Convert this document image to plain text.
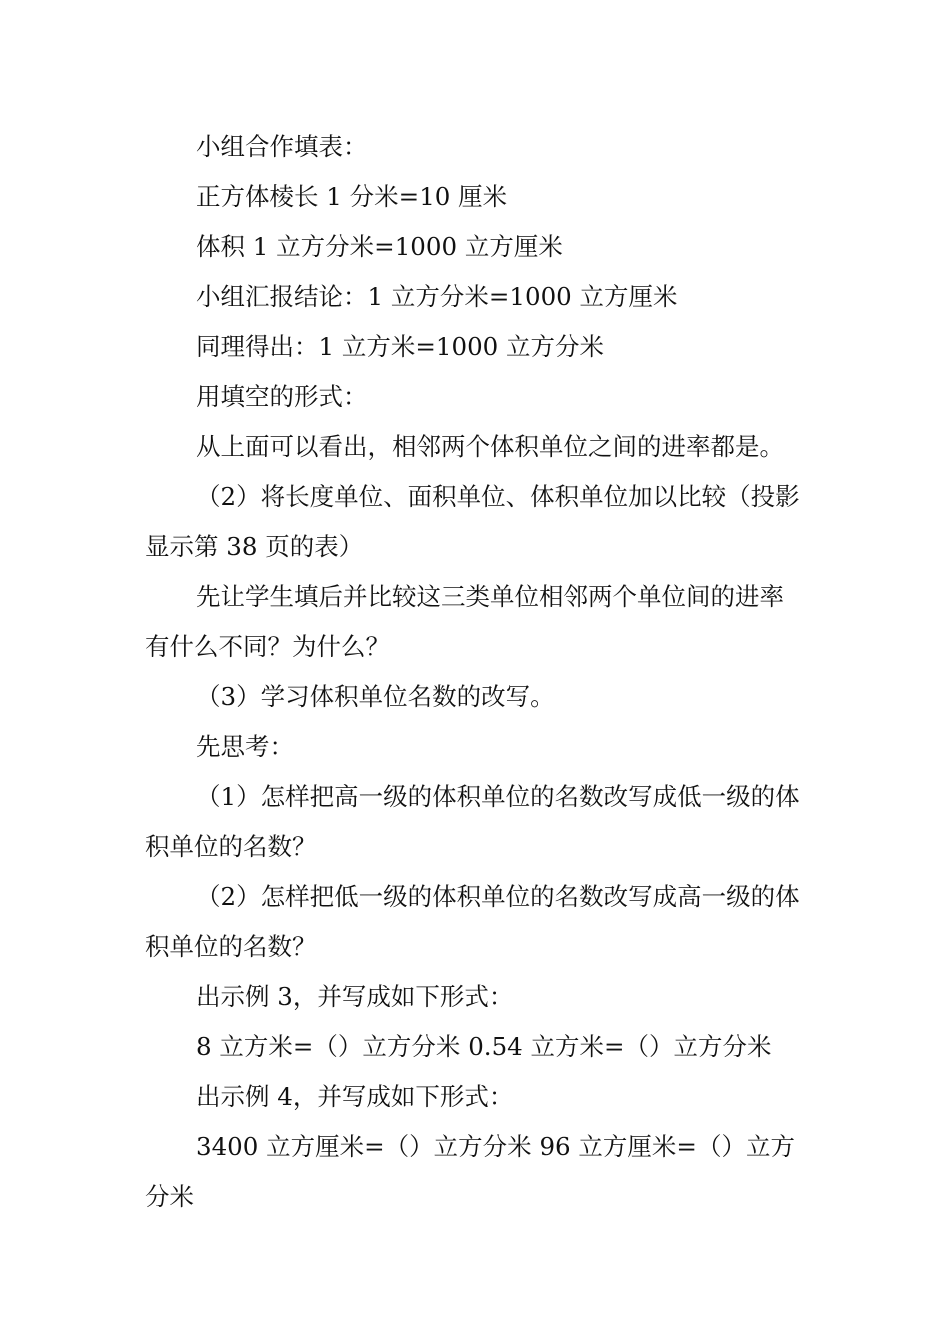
小组合作填表：

正方体棱长 1 分米=10 厘米

体积 1 立方分米=1000 立方厘米

小组汇报结论：1 立方分米=1000 立方厘米

同理得出：1 立方米=1000 立方分米

用填空的形式：

从上面可以看出，相邻两个体积单位之间的进率都是。

（2）将长度单位、面积单位、体积单位加以比较（投影显示第 38 页的表）

先让学生填后并比较这三类单位相邻两个单位间的进率有什么不同？为什么？

（3）学习体积单位名数的改写。

先思考：

（1）怎样把高一级的体积单位的名数改写成低一级的体积单位的名数？

（2）怎样把低一级的体积单位的名数改写成高一级的体积单位的名数？

出示例 3，并写成如下形式：

8 立方米=（）立方分米 0.54 立方米=（）立方分米

出示例 4，并写成如下形式：

3400 立方厘米=（）立方分米 96 立方厘米=（）立方分米
